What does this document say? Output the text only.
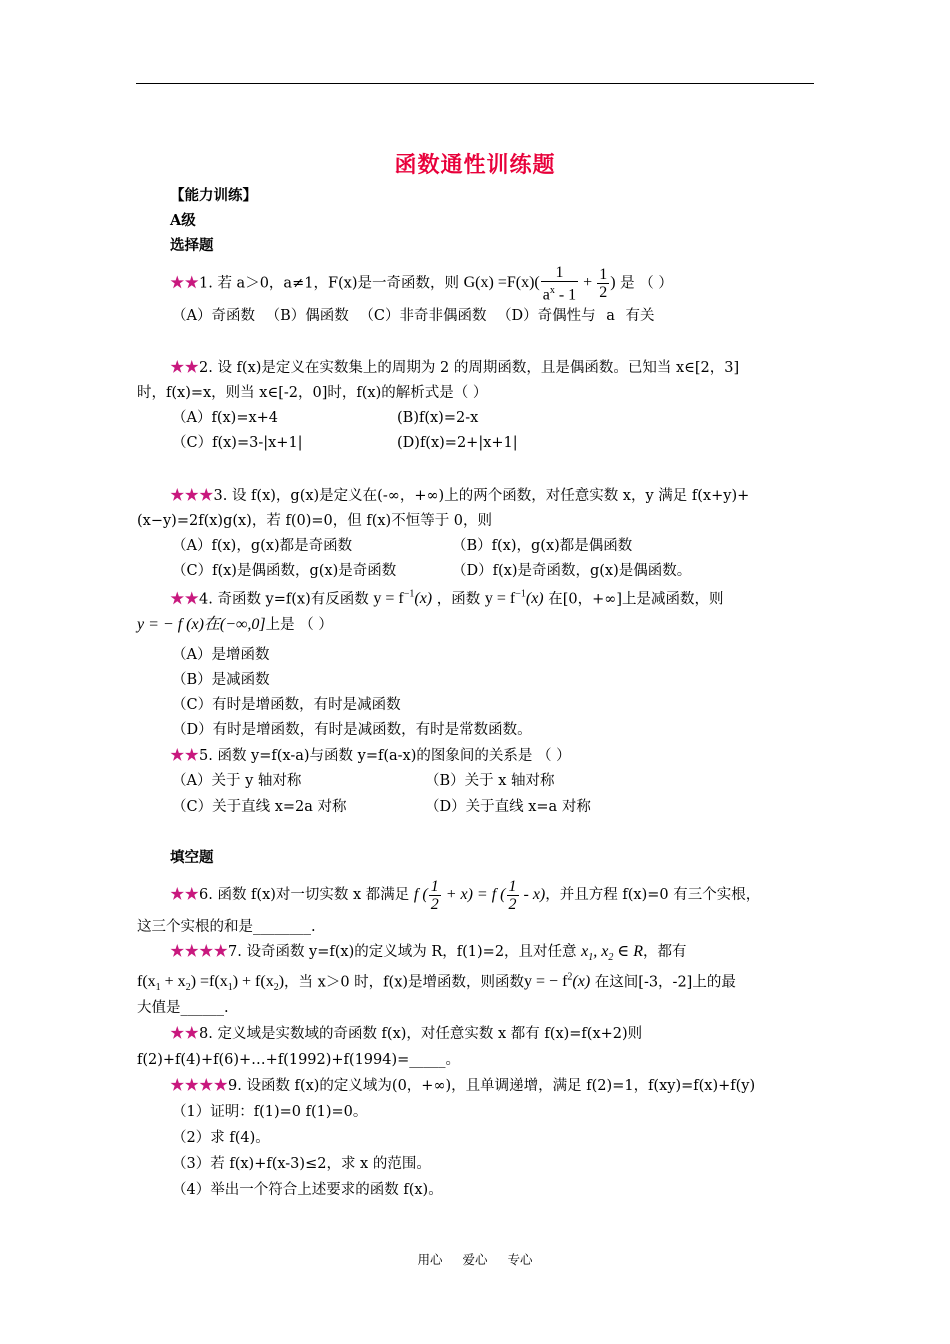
函数通性训练题
【能力训练】
A级
选择题
★★1. 若 a＞0，a≠1，F(x)是一奇函数，则 $G(x) =F(x)( \frac{1}{a^x - 1} + \frac{1}{2}$ ) 是 （ ）
（A）奇函数 （B）偶函数 （C）非奇非偶函数 （D）奇偶性与 a 有关
★★2. 设 f(x)是定义在实数集上的周期为 2 的周期函数，且是偶函数。已知当 x∈[2，3]
时，f(x)=x，则当 x∈[-2，0]时，f(x)的解析式是（ ）
（A）f(x)=x+4	(B)f(x)=2-x
（C）f(x)=3-|x+1|	(D)f(x)=2+|x+1|
★★★3. 设 f(x)，g(x)是定义在(-∞，+∞)上的两个函数，对任意实数 x，y 满足 f(x+y)+
(x−y)=2f(x)g(x)，若 f(0)=0，但 f(x)不恒等于 0，则
（A）f(x)，g(x)都是奇函数	（B）f(x)，g(x)都是偶函数
（C）f(x)是偶函数，g(x)是奇函数	（D）f(x)是奇函数，g(x)是偶函数。
★★4. 奇函数 y=f(x)有反函数 $y = f^{-1}(x)$ ，函数 $y = f^{-1}(x)$ 在[0，+∞]上是减函数，则
y = − f (x)在(−∞,0]上是 （ ）
（A）是增函数
（B）是减函数
（C）有时是增函数，有时是减函数
（D）有时是增函数，有时是减函数，有时是常数函数。
★★5. 函数 y=f(x-a)与函数 y=f(a-x)的图象间的关系是 （ ）
（A）关于 y 轴对称	（B）关于 x 轴对称
（C）关于直线 x=2a 对称	（D）关于直线 x=a 对称
填空题
★★6. 函数 f(x)对一切实数 x 都满足 f ( $\frac{1}{2} + x) = f$ ( $\frac{1}{2} - x$)，并且方程 f(x)=0 有三个实根，
这三个实根的和是________.
★★★★7. 设奇函数 y=f(x)的定义域为 R，f(1)=2，且对任意 $x_1$, $x_2$ ∈ R，都有
$f(x_1 + x_2) =f(x_1) + f(x_2)$，当 x＞0 时，f(x)是增函数，则函数y = − $f^2(x)$ 在这间[-3，-2]上的最
大值是______.
★★8. 定义域是实数域的奇函数 f(x)，对任意实数 x 都有 f(x)=f(x+2)则
f(2)+f(4)+f(6)+…+f(1992)+f(1994)=_____。
★★★★9. 设函数 f(x)的定义域为(0，+∞)，且单调递增，满足 f(2)=1，f(xy)=f(x)+f(y)
（1）证明：f(1)=0 f(1)=0。
（2）求 f(4)。
（3）若 f(x)+f(x-3)≤2，求 x 的范围。
（4）举出一个符合上述要求的函数 f(x)。
用心 爱心 专心
